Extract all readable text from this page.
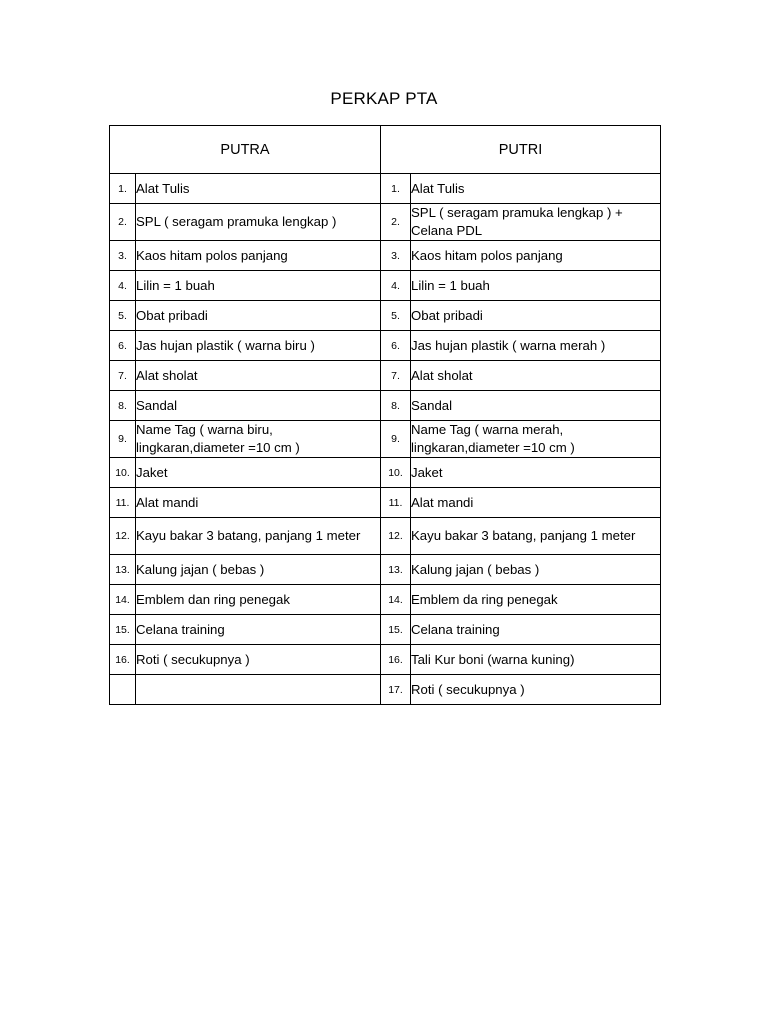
PERKAP PTA
PUTRA		PUTRI	
1.	Alat Tulis	1.	Alat Tulis
2.	SPL ( seragam pramuka lengkap )	2.	SPL ( seragam pramuka lengkap ) + Celana PDL
3.	Kaos hitam polos panjang	3.	Kaos hitam polos panjang
4.	Lilin = 1 buah	4.	Lilin = 1 buah
5.	Obat pribadi	5.	Obat pribadi
6.	Jas hujan plastik ( warna biru )	6.	Jas hujan plastik ( warna merah )
7.	Alat sholat	7.	Alat sholat
8.	Sandal	8.	Sandal
9.	Name Tag ( warna biru, lingkaran,diameter =10 cm )	9.	Name Tag ( warna merah, lingkaran,diameter =10 cm )
10.	Jaket	10.	Jaket
11.	Alat mandi	11.	Alat mandi
12.	Kayu bakar 3 batang, panjang 1 meter	12.	Kayu bakar 3 batang, panjang 1 meter
13.	Kalung jajan ( bebas )	13.	Kalung jajan ( bebas )
14.	Emblem dan ring penegak	14.	Emblem da ring penegak
15.	Celana training	15.	Celana training
16.	Roti ( secukupnya )	16.	Tali Kur boni (warna kuning)
		17.	Roti ( secukupnya )
